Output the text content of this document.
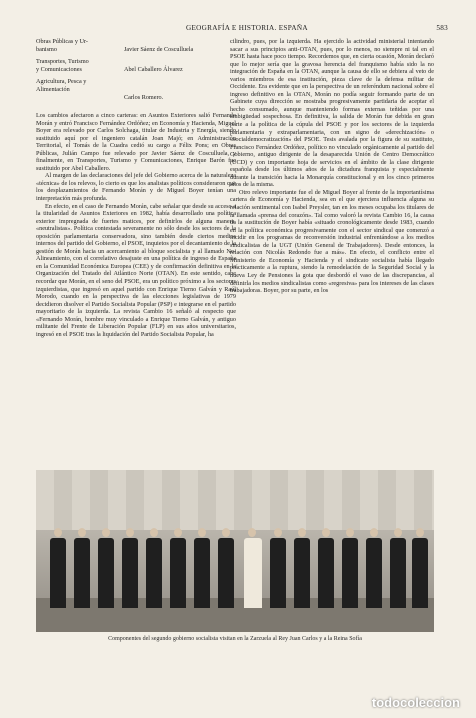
GEOGRAFÍA E HISTORIA. ESPAÑA	583
Obras Públicas y Ur-
banismo	Javier Sáenz de Cosculluela
Transportes, Turismo
y Comunicaciones	Abel Caballero Álvarez
Agricultura, Pesca y
Alimentación
Carlos Romero.

Los cambios afectaron a cinco carteras: en Asuntos Exteriores salió Fernando Morán y entró Francisco Fernández Ordóñez; en Economía y Hacienda, Miguel Boyer era relevado por Carlos Solchaga, titular de Industria y Energía, siendo sustituido aquí por el ingeniero catalán Joan Majó; en Administración Territorial, el Tomás de la Cuadra cedió su cargo a Félix Pons; en Obras Públicas, Julián Campo fue relevado por Javier Sáenz de Cosculluela, y finalmente, en Transportes, Turismo y Comunicaciones, Enrique Barón fue sustituido por Abel Caballero.

Al margen de las declaraciones del jefe del Gobierno acerca de la naturaleza «técnica» de los relevos, lo cierto es que los analistas políticos consideraron que los desplazamientos de Fernando Morán y de Miguel Boyer tenían una interpretación más profunda.

En efecto, en el caso de Fernando Morán, cabe señalar que desde su acceso a la titularidad de Asuntos Exteriores en 1982, había desarrollado una política exterior impregnada de fuertes matices, por definirlos de alguna manera, «neutralistas». Política contestada severamente no sólo desde los sectores de la oposición parlamentaria conservadora, sino también desde ciertos medios internos del partido del Gobierno, el PSOE, inquietos por el decantamiento de la gestión de Morán hacia un acercamiento al bloque socialista y al llamado No-Alineamiento, con el correlativo desajuste en una política de ingreso de España en la Comunidad Económica Europea (CEE) y de confirmación definitiva en la Organización del Tratado del Atlántico Norte (OTAN). En este sentido, cabe recordar que Morán, en el seno del PSOE, era un político próximo a los sectores izquierdistas, que ingresó en aquel partido con Enrique Tierno Galván y Raúl Morodo, cuando en la perspectiva de las elecciones legislativas de 1979 decidieron disolver el Partido Socialista Popular (PSP) e integrarse en el partido mayoritario de la izquierda. La revista Cambio 16 señaló al respecto que «Fernando Morán, hombre muy vinculado a Enrique Tierno Galván, y antiguo militante del Frente de Liberación Popular (FLP) en sus años universitarios, ingresó en el PSOE tras la liquidación del Partido Socialista Popular, ha

cilindro, pues, por la izquierda. Ha ejercido la actividad ministerial intentando sacar a sus principios anti-OTAN, pues, por lo menos, no siempre ni tal en el PSOE hasta hace poco tiempo. Recordemos que, en cierta ocasión, Morán declaró que lo mejor sería que la gravosa herencia del franquismo había sido la no integración de España en la OTAN, aunque la causa de ello se debiera al veto de varios miembros de esa institución, pieza clave de la defensa militar de Occidente. Era evidente que en la perspectiva de un referéndum nacional sobre el ingreso definitivo en la OTAN, Morán no podía seguir formando parte de un Gabinete cuya dirección se mostraba progresivamente partidaria de aceptar el hecho consumado, aunque manteniendo formas externas teñidas por una ambigüedad sospechosa. En definitiva, la salida de Morán fue debida en gran parte a la política de la cúpula del PSOE y por los sectores de la izquierda parlamentaria y extraparlamentaria, con un signo de «derechización» o «socialdemocratización» del PSOE. Tesis avalada por la figura de su sustituto, Francisco Fernández Ordóñez, político no vinculado orgánicamente al partido del Gobierno, antiguo dirigente de la desaparecida Unión de Centro Democrático (UCD) y con importante hoja de servicios en el ámbito de la clase dirigente española desde los últimos años de la dictadura franquista y especialmente durante la transición hacia la Monarquía constitucional y en los cinco primeros años de la misma.

Otro relevo importante fue el de Miguel Boyer al frente de la importantísima cartera de Economía y Hacienda, sea en el que ejerciera influencia alguna su relación sentimental con Isabel Preysler, tan en los meses ocupaba los titulares de la llamada «prensa del corazón». Tal como valoró la revista Cambio 16, la causa de la sustitución de Boyer había «situado cronológicamente desde 1983, cuando en la política económica progresivamente con el sector sindical que comenzó a incidir en los programas de reconversión industrial enfrentándose a los medios sindicalistas de la UGT (Unión General de Trabajadores). Desde entonces, la relación con Nicolás Redondo fue a más». En efecto, el conflicto entre el Ministerio de Economía y Hacienda y el sindicato socialista había llegado prácticamente a la ruptura, siendo la remodelación de la Seguridad Social y la nueva Ley de Pensiones la gota que desbordó el vaso de las discrepancias, al definirla los medios sindicalistas como «regresiva» para los intereses de las clases trabajadoras. Boyer, por su parte, en los

Componentes del segundo gobierno socialista visitan en la Zarzuela al Rey Juan Carlos y a la Reina Sofía
todocoleccion
